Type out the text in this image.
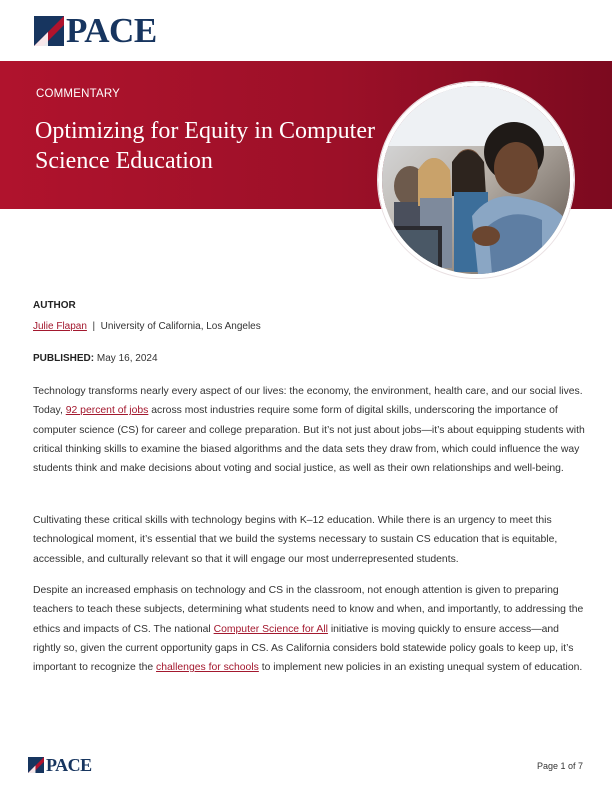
PACE
COMMENTARY
Optimizing for Equity in Computer Science Education
AUTHOR
Julie Flapan | University of California, Los Angeles
PUBLISHED: May 16, 2024

Technology transforms nearly every aspect of our lives: the economy, the environment, health care, and our social lives. Today, 92 percent of jobs across most industries require some form of digital skills, underscoring the importance of computer science (CS) for career and college preparation. But it’s not just about jobs—it’s about equipping students with critical thinking skills to examine the biased algorithms and the data sets they draw from, which could influence the way students think and make decisions about voting and social justice, as well as their own relationships and well-being.

Cultivating these critical skills with technology begins with K–12 education. While there is an urgency to meet this technological moment, it’s essential that we build the systems necessary to sustain CS education that is equitable, accessible, and culturally relevant so that it will engage our most underrepresented students.

Despite an increased emphasis on technology and CS in the classroom, not enough attention is given to preparing teachers to teach these subjects, determining what students need to know and when, and importantly, to addressing the ethics and impacts of CS. The national Computer Science for All initiative is moving quickly to ensure access—and rightly so, given the current opportunity gaps in CS. As California considers bold statewide policy goals to keep up, it’s important to recognize the challenges for schools to implement new policies in an existing unequal system of education.

PACE	Page 1 of 7
